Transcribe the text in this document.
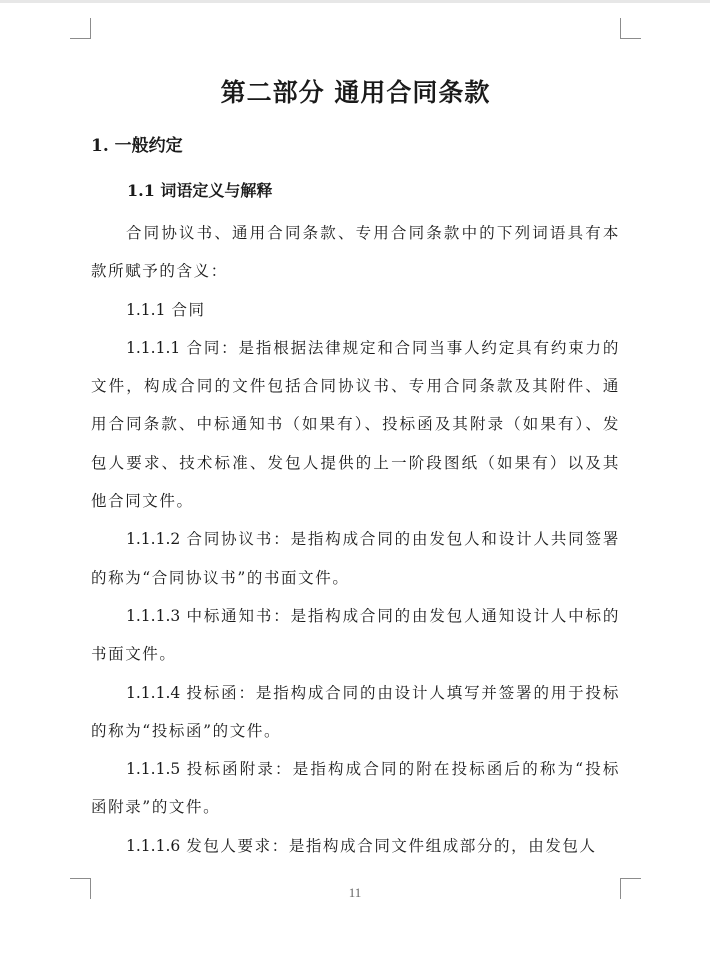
第二部分 通用合同条款
1. 一般约定
1.1 词语定义与解释

合同协议书、通用合同条款、专用合同条款中的下列词语具有本款所赋予的含义：

1.1.1 合同

1.1.1.1 合同：是指根据法律规定和合同当事人约定具有约束力的文件，构成合同的文件包括合同协议书、专用合同条款及其附件、通用合同条款、中标通知书（如果有）、投标函及其附录（如果有）、发包人要求、技术标准、发包人提供的上一阶段图纸（如果有）以及其他合同文件。

1.1.1.2 合同协议书：是指构成合同的由发包人和设计人共同签署的称为“合同协议书”的书面文件。

1.1.1.3 中标通知书：是指构成合同的由发包人通知设计人中标的书面文件。

1.1.1.4 投标函：是指构成合同的由设计人填写并签署的用于投标的称为“投标函”的文件。

1.1.1.5 投标函附录：是指构成合同的附在投标函后的称为“投标函附录”的文件。

1.1.1.6 发包人要求：是指构成合同文件组成部分的，由发包人

11
